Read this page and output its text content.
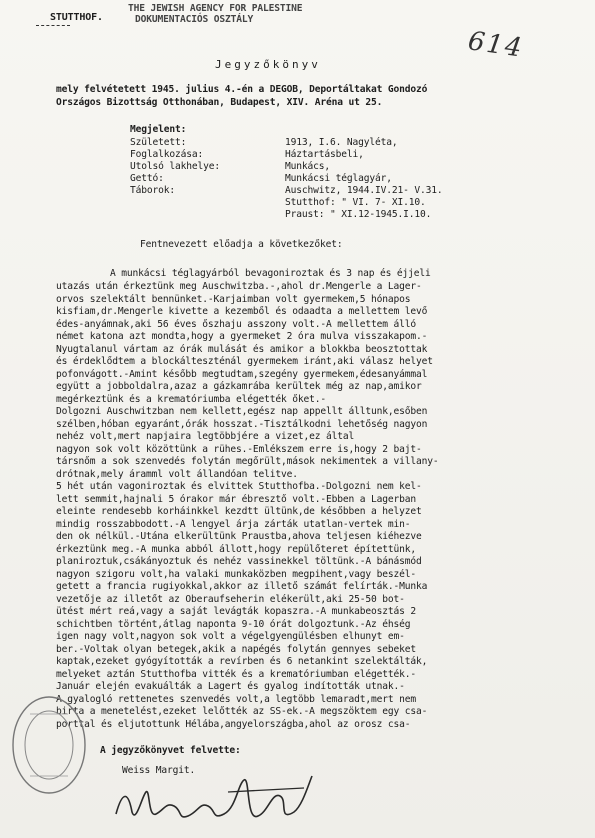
STUTTHOF.
THE JEWISH AGENCY FOR PALESTINE
DOKUMENTACIÓS OSZTÁLY
614
Jegyzőkönyv
mely felvétetett 1945. julius 4.-én a DEGOB, Deportáltakat Gondozó
Országos Bizottság Otthonában, Budapest, XIV. Aréna ut 25.
Megjelent:
Született:	1913, I.6. Nagyléta,
Foglalkozása:	Háztartásbeli,
Utolsó lakhelye:	Munkács,
Gettó:	Munkácsi téglagyár,
Táborok:	Auschwitz, 1944.IV.21- V.31.
Stutthof: " VI. 7- XI.10.
Praust: " XI.12-1945.I.10.
Fentnevezett előadja a következőket:
A munkácsi téglagyárból bevagoniroztak és 3 nap és éjjeli
utazás után érkeztünk meg Auschwitzba.-,ahol dr.Mengerle a Lager-
orvos szelektált bennünket.-Karjaimban volt gyermekem,5 hónapos
kisfiam,dr.Mengerle kivette a kezemből és odaadta a mellettem levő
édes-anyámnak,aki 56 éves őszhaju asszony volt.-A mellettem álló
német katona azt mondta,hogy a gyermeket 2 óra mulva visszakapom.-
Nyugtalanul vártam az órák mulását és amikor a blokkba beosztottak
és érdeklődtem a blockálteszténál gyermekem iránt,aki válasz helyet
pofonvágott.-Amint később megtudtam,szegény gyermekem,édesanyámmal
együtt a jobboldalra,azaz a gázkamrába kerültek még az nap,amikor
megérkeztünk és a krematóriumba elégették őket.-
Dolgozni Auschwitzban nem kellett,egész nap appellt álltunk,esőben
szélben,hóban egyaránt,órák hosszat.-Tisztálkodni lehetőség nagyon
nehéz volt,mert napjaira legtöbbjére a vizet,ez által
nagyon sok volt közöttünk a rühes.-Emlékszem erre is,hogy 2 bajt-
társnőm a sok szenvedés folytán megőrült,mások nekimentek a villany-
drótnak,mely áramml volt állandóan telitve.
5 hét után vagoniroztak és elvittek Stutthofba.-Dolgozni nem kel-
lett semmit,hajnali 5 órakor már ébresztő volt.-Ebben a Lagerban
eleinte rendesebb korháinkkel kezdtt ültünk,de későbben a helyzet
mindig rosszabbodott.-A lengyel árja zárták utatlan-vertek min-
den ok nélkül.-Utána elkerültünk Praustba,ahova teljesen kiéhezve
érkeztünk meg.-A munka abból állott,hogy repülőteret építettünk,
planiroztuk,csákányoztuk és nehéz vassinekkel töltünk.-A bánásmód
nagyon szigoru volt,ha valaki munkaközben megpihent,vagy beszél-
getett a francia rugiyokkal,akkor az illető számát felírták.-Munka
vezetője az illetőt az Oberaufseherin elékerült,aki 25-50 bot-
ütést mért reá,vagy a saját levágták kopaszra.-A munkabeosztás 2
schichtben történt,átlag naponta 9-10 órát dolgoztunk.-Az éhség
igen nagy volt,nagyon sok volt a végelgyengülésben elhunyt em-
ber.-Voltak olyan betegek,akik a napégés folytán gennyes sebeket
kaptak,ezeket gyógyították a revírben és 6 netankint szelektálták,
melyeket aztán Stutthofba vitték és a krematóriumban elégették.-
Január elején evakuálták a Lagert és gyalog indították utnak.-
A gyalogló rettenetes szenvedés volt,a legtöbb lemaradt,mert nem
birta a menetelést,ezeket lelőtték az SS-ek.-A megszöktem egy csa-
porttal és eljutottunk Hélába,angyelországba,ahol az orosz csa-
A jegyzőkönyvet felvette:
Weiss Margit.
